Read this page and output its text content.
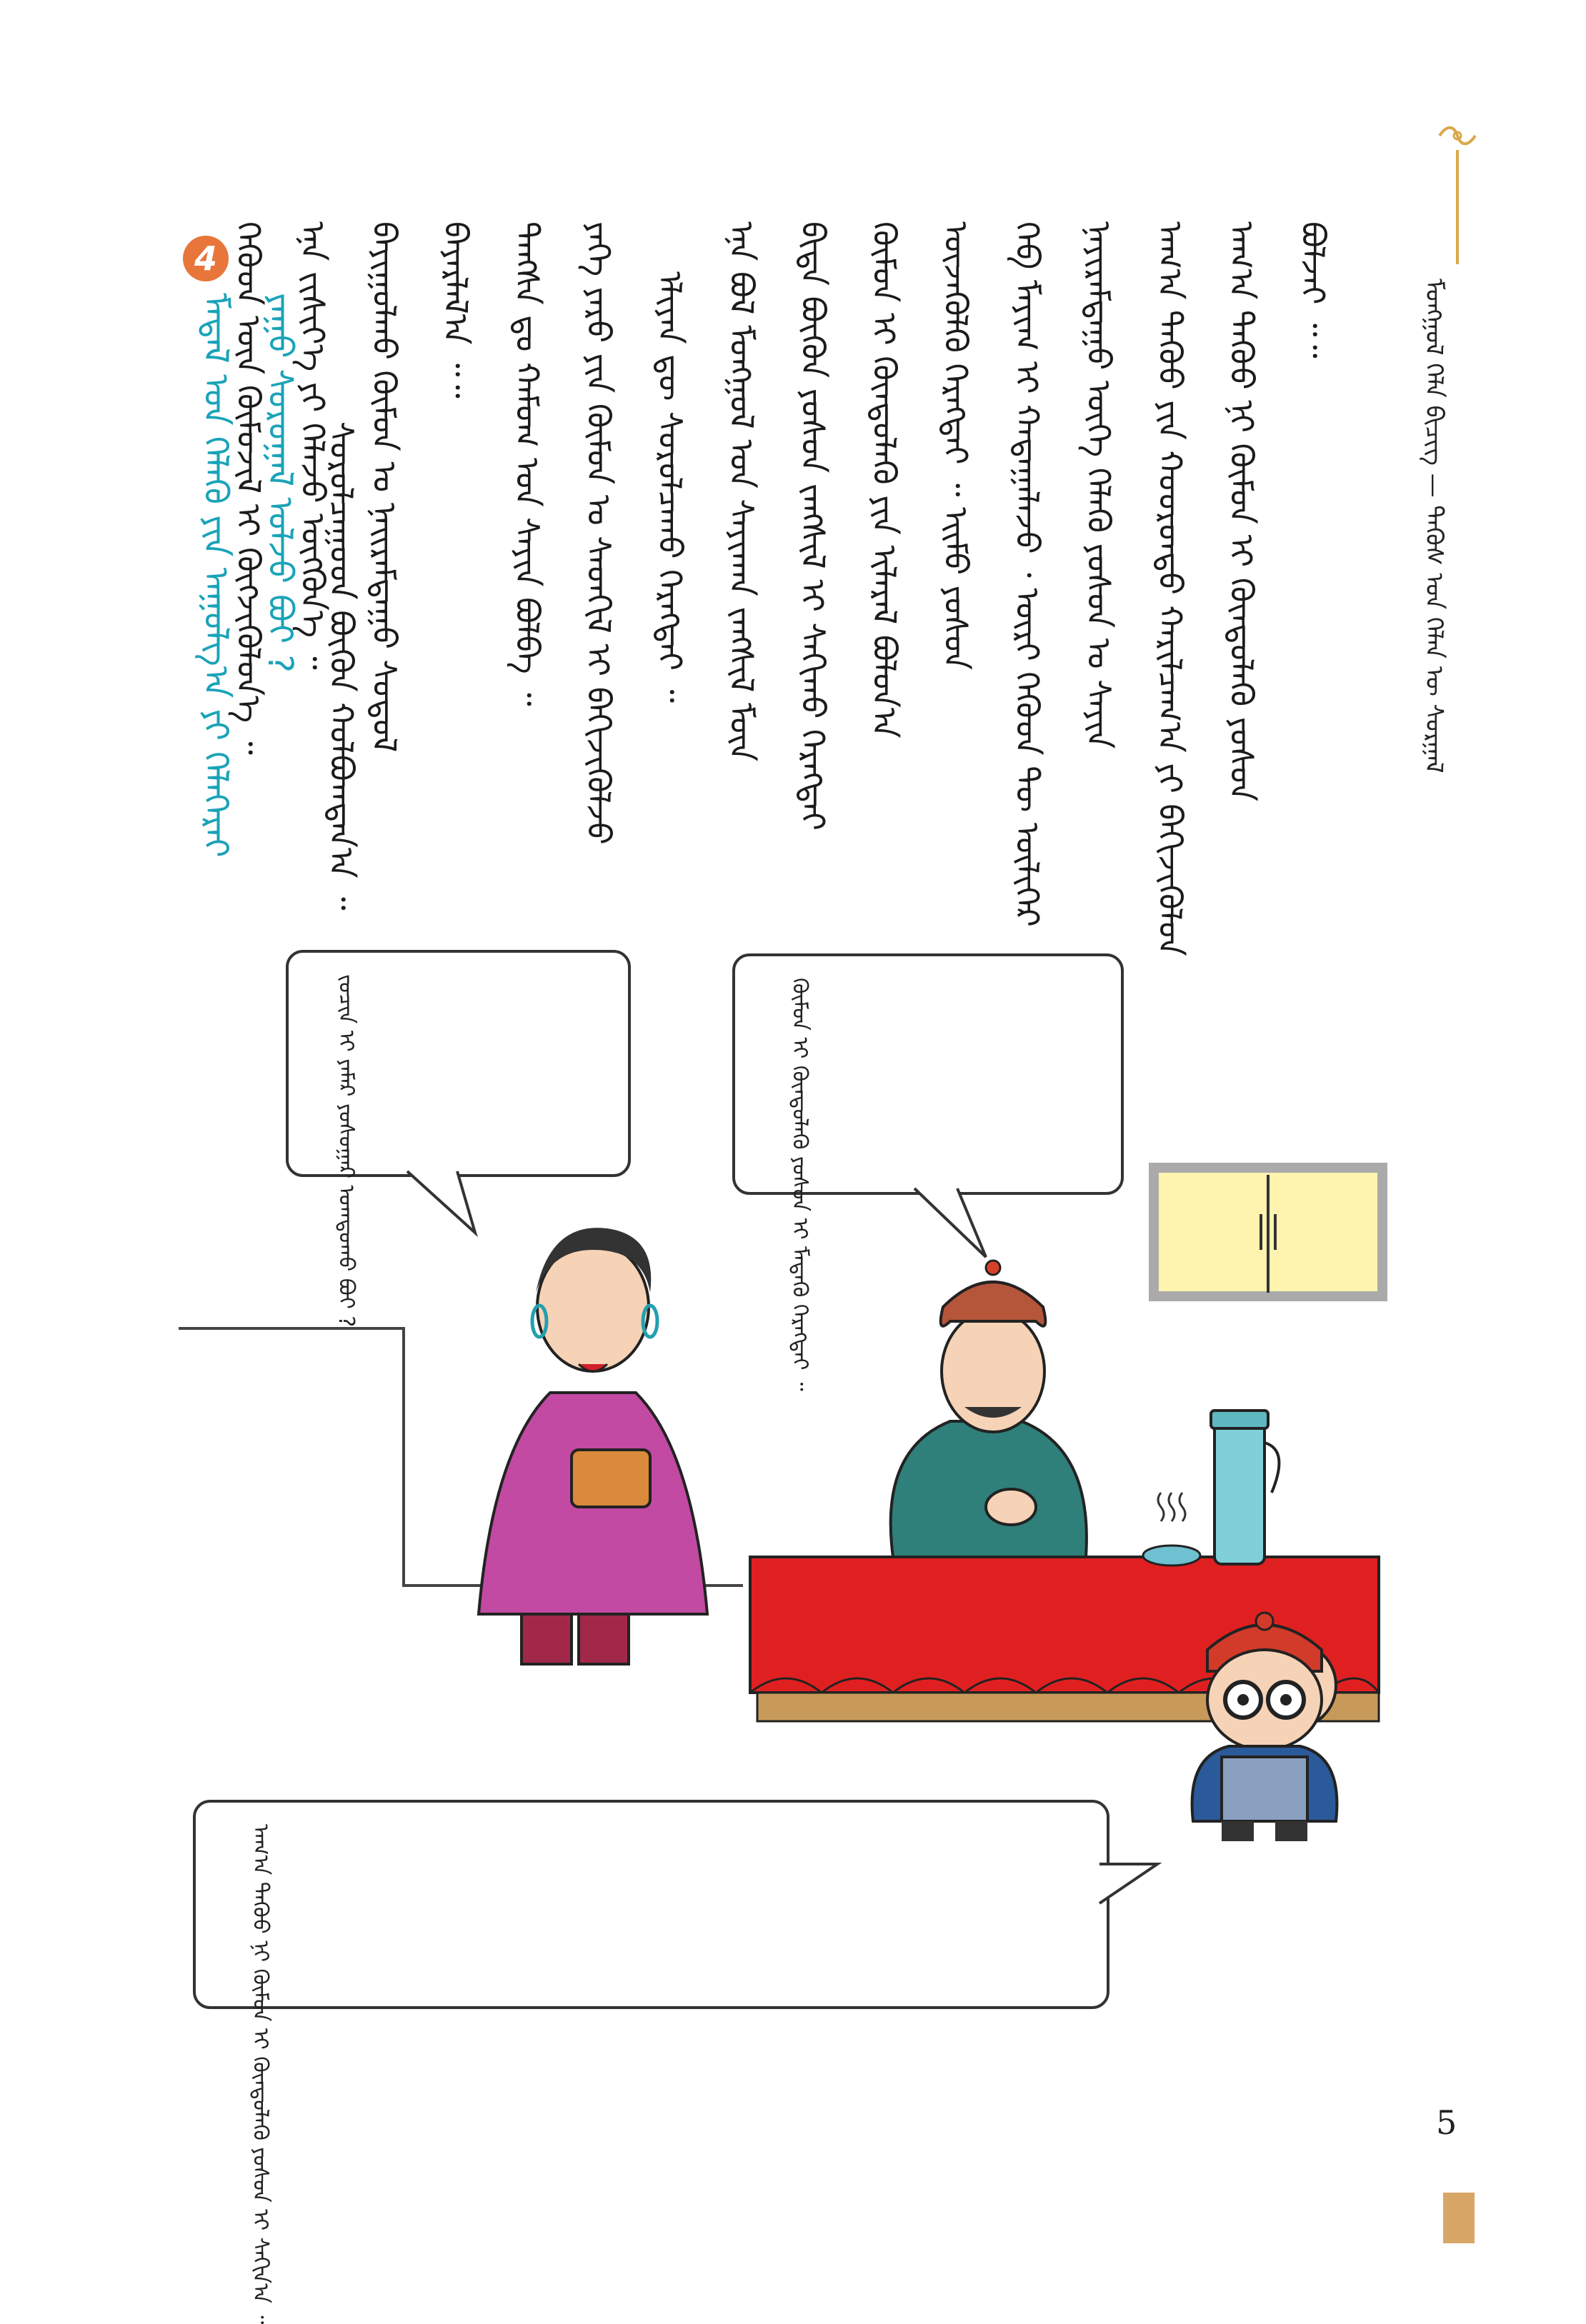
ᠮᠣᠩᠭᠣᠯ ᠬᠡᠯᠡ ᠪᠢᠴᠢᠭ — ᠲᠡᠭᠦᠰ ᠤᠨ ᠬᠡᠯᠡᠨ ᠦ ᠰᠤᠷᠭᠠᠯ
ᠪᠣᠯᠵᠠᠢ ᠃᠃
ᠠᠬ᠎ᠠ ᠳᠡᠭᠦᠦ ᠨᠢ ᠬᠦᠮᠦᠨ ᠢ ᠬᠦᠨᠳᠦᠯᠡᠬᠦ ᠶᠣᠰᠣᠨ
ᠠᠬ᠎ᠠ ᠳᠡᠭᠦᠦ ᠶᠢᠨ ᠬᠣᠣᠷᠣᠨᠳᠤ ᠬᠠᠷᠢᠯᠴᠠᠭ᠎ᠠ ᠶᠢ ᠪᠡᠬᠢᠵᠢᠭᠦᠯᠦᠨ
ᠨᠠᠶᠢᠷᠠᠮᠳᠠᠭᠤ ᠦᠭᠡ ᠬᠡᠯᠡᠬᠦ ᠶᠣᠰᠣᠨ ᠤ ᠰᠠᠶᠢᠨ
ᠬᠡᠪ ᠮᠠᠶᠢᠭ ᠢ ᠬᠠᠳᠠᠭᠠᠯᠠᠵᠤ ᠂ ᠦᠷᠢ ᠬᠡᠭᠦᠳ ᠲᠦ ᠦᠯᠢᠭᠡᠷ
ᠦᠵᠡᠭᠦᠯᠬᠦ ᠬᠡᠷᠡᠭᠲᠡᠢ ᠃ ᠡᠢᠮᠦ ᠶᠣᠰᠣᠨ
ᠬᠦᠮᠦᠨ ᠢ ᠬᠦᠨᠳᠦᠯᠡᠬᠦ ᠶᠢᠨ ᠢᠯᠡᠷᠡᠯ ᠪᠣᠯᠤᠨ᠎ᠠ
ᠪᠢᠳᠡ ᠪᠦᠬᠦᠨ ᠶᠣᠰᠣᠨ ᠵᠠᠩᠰᠢᠯ ᠢ ᠰᠠᠬᠢᠬᠤ ᠬᠡᠷᠡᠭᠲᠡᠢ
ᠡᠨᠡ ᠪᠣᠯ ᠮᠣᠩᠭᠣᠯ ᠤᠨ ᠰᠠᠶᠢᠬᠠᠨ ᠵᠠᠩᠰᠢᠯ ᠮᠥᠨ
ᠡᠯᠢᠶᠠᠨ ᠳᠦ ᠰᠤᠷᠤᠯᠴᠠᠬᠤ ᠬᠡᠷᠡᠭᠲᠡᠢ ᠃
ᠶᠡᠬᠡ ᠶᠡᠷᠦ ᠶᠢᠨ ᠬᠦᠮᠦᠨ ᠤ ᠰᠡᠳᠬᠢᠯ ᠢ ᠪᠡᠬᠢᠵᠢᠭᠦᠯᠵᠦ
ᠳᠠᠩᠰᠠ ᠳᠤ ᠬᠠᠮᠤᠭ ᠤᠨ ᠰᠠᠶᠢᠨ ᠪᠣᠯᠪᠠ ᠃
ᠪᠠᠶᠠᠷᠯᠠᠯ᠎ᠠ ᠃᠃
ᠪᠠᠶᠢᠭᠤᠯᠬᠤ ᠬᠦᠮᠦᠨ ᠤ ᠨᠠᠢᠷᠠᠮᠳᠠᠭᠤ ᠰᠤᠳᠤᠯ
ᠡᠨᠡ ᠵᠢᠱᠢᠶ᠎ᠡ ᠶᠢ ᠬᠡᠯᠡᠵᠦ ᠦᠭᠭᠦᠨ᠎ᠡ ᠃
ᠬᠡᠭᠦᠳ ᠦᠨ ᠬᠦᠮᠦᠵᠢᠯ ᠢ ᠬᠥᠭᠵᠢᠭᠦᠯᠦᠨ᠎ᠡ ᠃	ᠰᠤᠷᠤᠯᠴᠠᠭᠤᠳ ᠪᠦᠬᠦᠨ ᠬᠣᠯᠪᠣᠭᠳᠠᠨ᠎ᠠ ᠃
4
ᠮᠠᠲᠠᠯ ᠤᠨ ᠬᠡᠯᠡᠬᠦ ᠶᠢᠨ ᠠᠭᠤᠯᠭ᠎ᠠ ᠶᠢ ᠬᠡᠯᠡᠭᠡᠷᠡᠢ ᠶᠠᠭᠤ ᠰᠤᠷᠤᠭᠠᠯ ᠣᠯᠵᠤ ᠪᠣᠢ ?
ᠬᠦᠮᠦᠨ ᠢ ᠬᠦᠨᠳᠦᠯᠡᠬᠦ ᠶᠣᠰᠣᠨ ᠢ ᠮᠡᠳᠡᠬᠦ ᠬᠡᠷᠡᠭᠲᠡᠢ ᠃
ᠵᠤᠴᠢᠨ ᠢ ᠶᠠᠮᠠᠷ ᠶᠣᠰᠣᠭᠠᠷ ᠤᠭᠲᠤᠬᠤ ᠪᠤᠢ ?
ᠠᠬ᠎ᠠ ᠳᠡᠭᠦᠦ ᠨᠢ ᠬᠦᠮᠦᠨ ᠢ ᠬᠦᠨᠳᠦᠯᠡᠬᠦ ᠶᠣᠰᠣᠨ ᠢ ᠰᠠᠬᠢᠨ᠎ᠠ ᠃	5
